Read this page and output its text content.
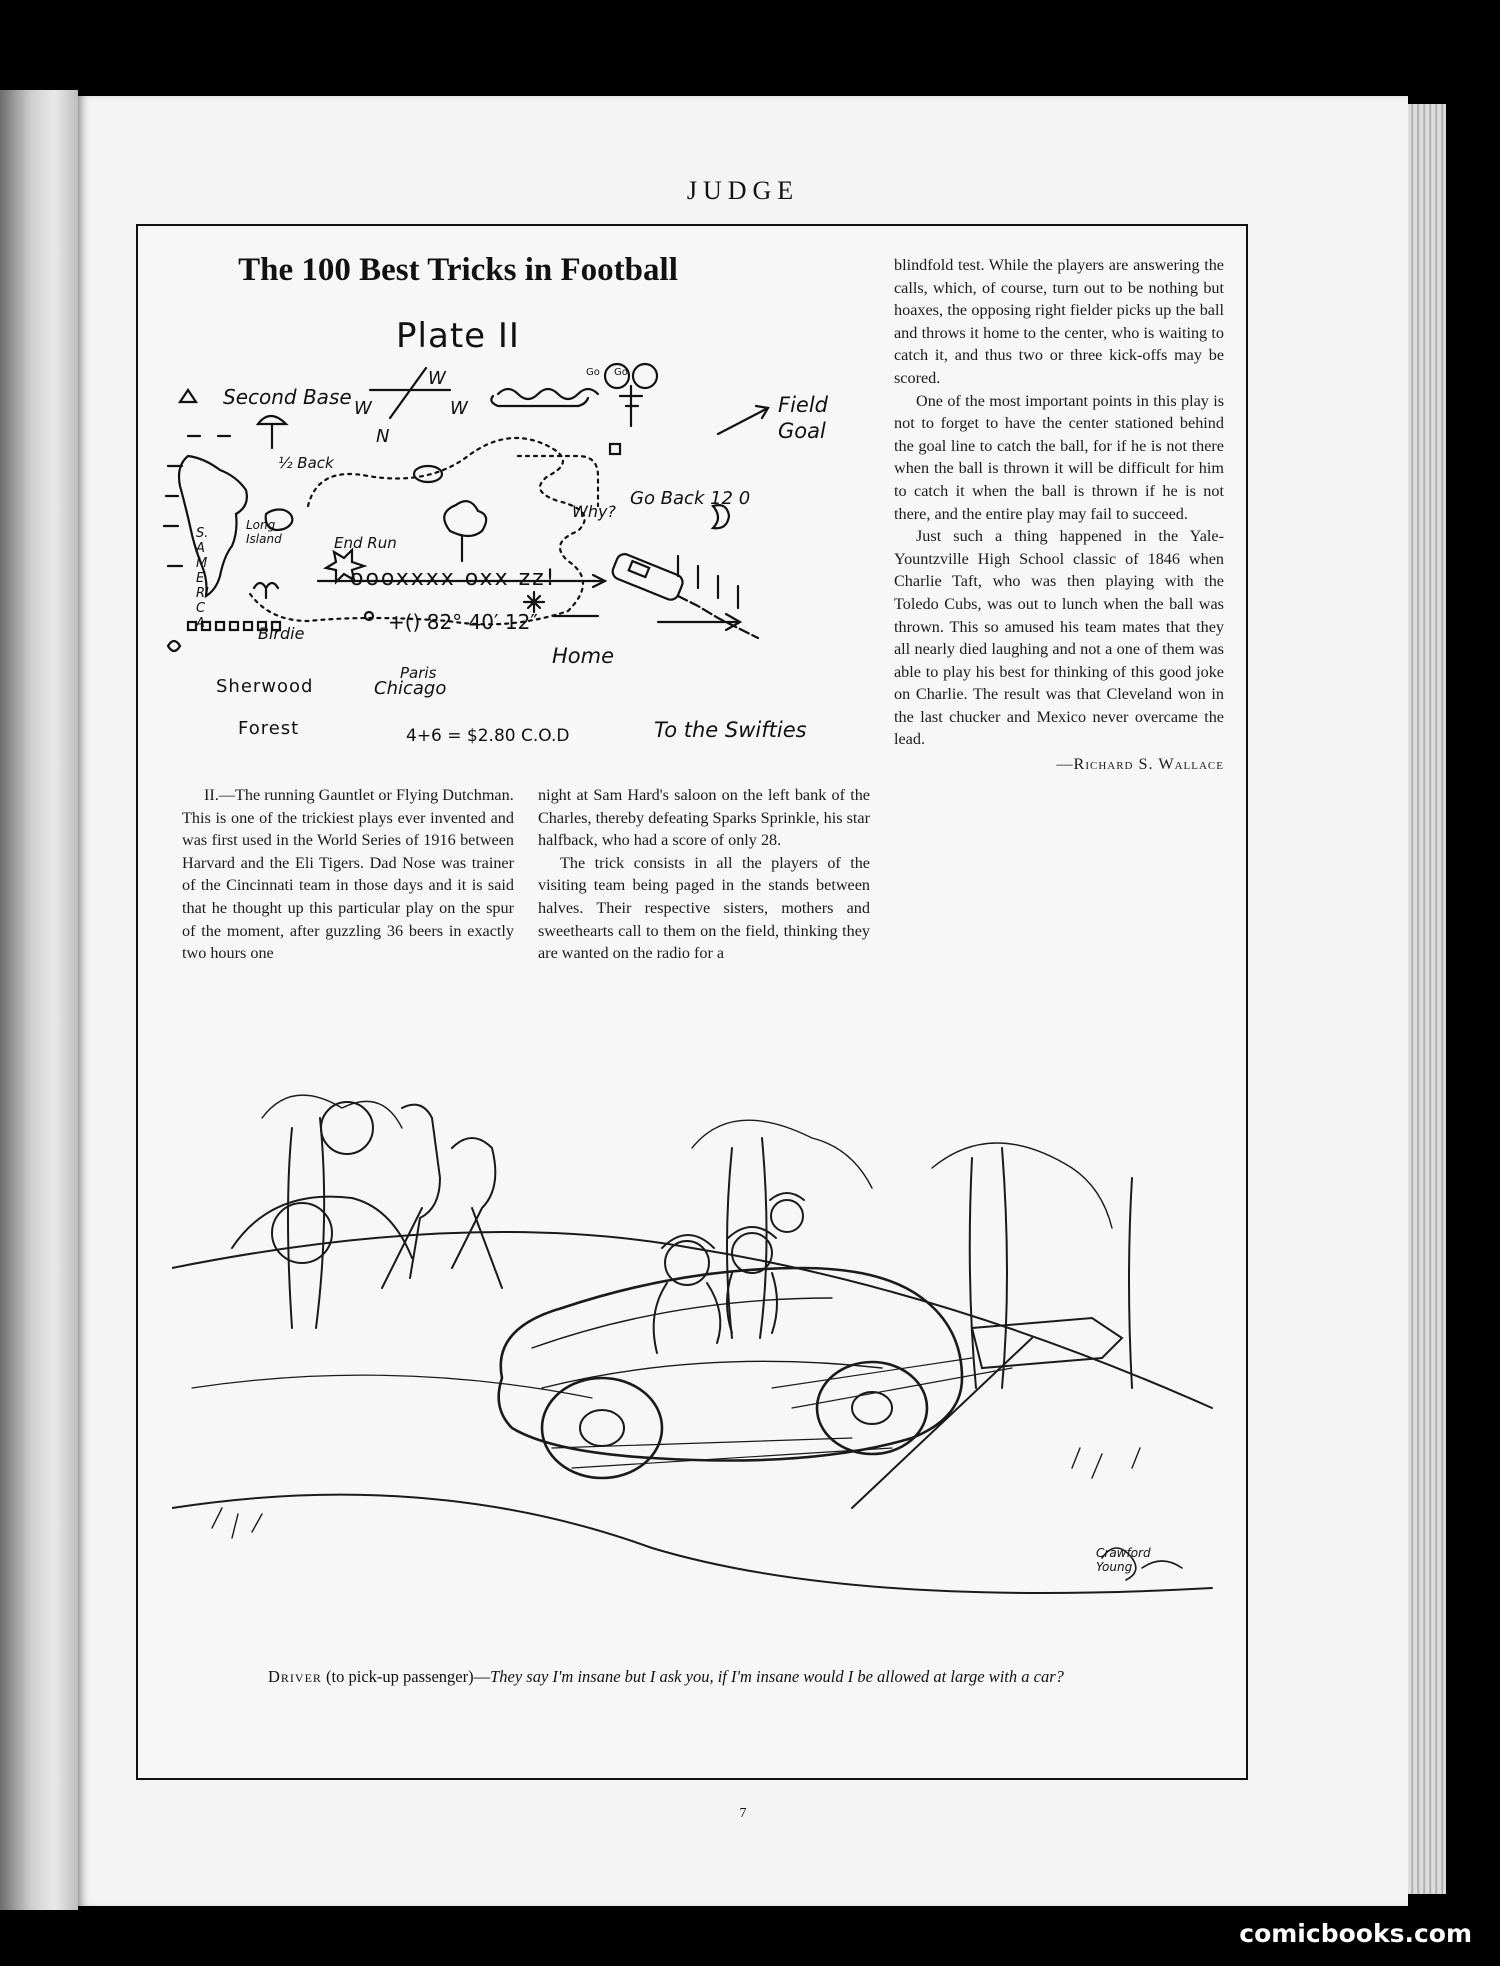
JUDGE
The 100 Best Tricks in Football
Plate II
Second Base
W
W	W
N
Field Goal
½ Back
S. AMERICA
Long Island	End Run
Why?
Go Back 12 0
oooxxxx oxx zz!
+() 82° 40′ 12″
Birdie
Home
Sherwood
Forest
Paris
Chicago
4+6 = $2.80 C.O.D	To the Swifties
Go Go

blindfold test. While the players are answering the calls, which, of course, turn out to be nothing but hoaxes, the opposing right fielder picks up the ball and throws it home to the center, who is waiting to catch it, and thus two or three kick-offs may be scored.

One of the most important points in this play is not to forget to have the center stationed behind the goal line to catch the ball, for if he is not there when the ball is thrown it will be difficult for him to catch it when the ball is thrown if he is not there, and the entire play may fail to succeed.

Just such a thing happened in the Yale-Yountzville High School classic of 1846 when Charlie Taft, who was then playing with the Toledo Cubs, was out to lunch when the ball was thrown. This so amused his team mates that they all nearly died laughing and not a one of them was able to play his best for thinking of this good joke on Charlie. The result was that Cleveland won in the last chucker and Mexico never overcame the lead.

—Richard S. Wallace

II.—The running Gauntlet or Flying Dutchman.

This is one of the trickiest plays ever invented and was first used in the World Series of 1916 between Harvard and the Eli Tigers. Dad Nose was trainer of the Cincinnati team in those days and it is said that he thought up this particular play on the spur of the moment, after guzzling 36 beers in exactly two hours one

night at Sam Hard's saloon on the left bank of the Charles, thereby defeating Sparks Sprinkle, his star halfback, who had a score of only 28.

The trick consists in all the players of the visiting team being paged in the stands between halves. Their respective sisters, mothers and sweethearts call to them on the field, thinking they are wanted on the radio for a

Crawford Young
Driver (to pick-up passenger)—They say I'm insane but I ask you, if I'm insane would I be allowed at large with a car?
7
comicbooks.com
